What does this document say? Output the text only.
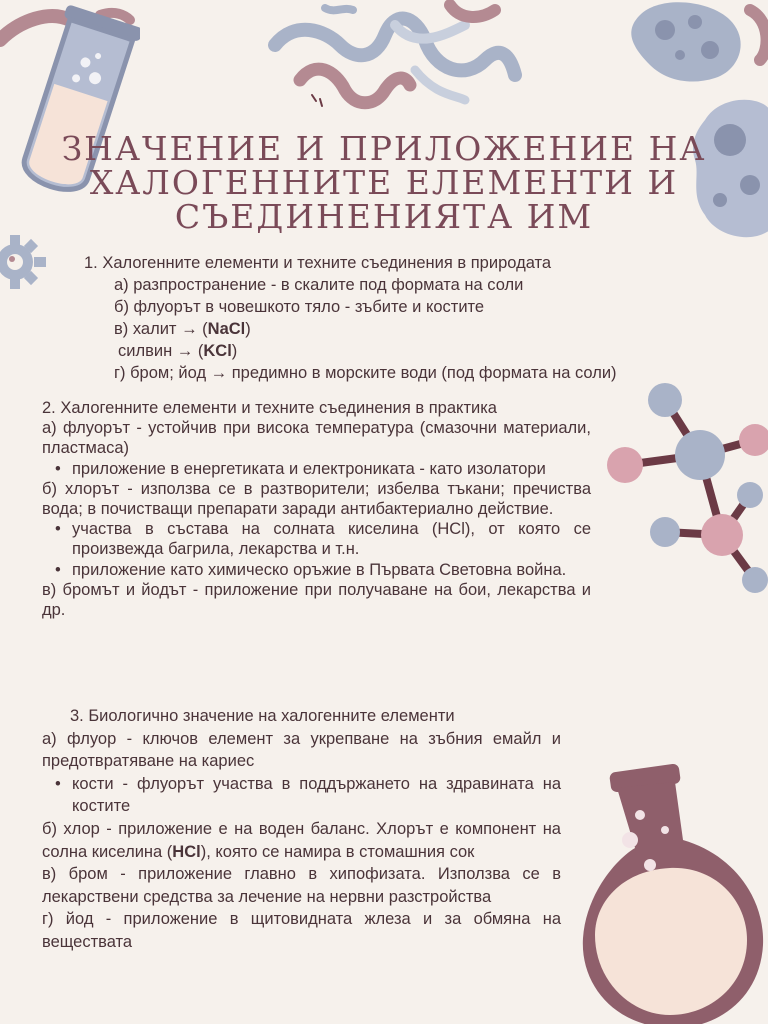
ЗНАЧЕНИЕ И ПРИЛОЖЕНИЕ НА
ХАЛОГЕННИТЕ ЕЛЕМЕНТИ И
СЪЕДИНЕНИЯТА ИМ
1. Халогенните елементи и техните съединения в природата
а) разпространение - в скалите под формата на соли
б) флуорът в човешкото тяло - зъбите и костите
в) халит → (NaCl)
силвин → (KCl)
г) бром; йод → предимно в морските води (под формата на соли)
2. Халогенните елементи и техните съединения в практика
а) флуорът - устойчив при висока температура (смазочни материали, пластмаса)
• приложение в енергетиката и електрониката - като изолатори
б) хлорът - използва се в разтворители; избелва тъкани; пречиства вода; в почистващи препарати заради антибактериално действие.
• участва в състава на солната киселина (HCl), от която се произвежда багрила, лекарства и т.н.
• приложение като химическо оръжие в Първата Световна война.
в) бромът и йодът - приложение при получаване на бои, лекарства и др.
3. Биологично значение на халогенните елементи
а) флуор - ключов елемент за укрепване на зъбния емайл и предотвратяване на кариес
• кости - флуорът участва в поддържането на здравината на костите
б) хлор - приложение е на воден баланс. Хлорът е компонент на солна киселина (HCl), която се намира в стомашния сок
в) бром - приложение главно в хипофизата. Използва се в лекарствени средства за лечение на нервни разстройства
г) йод - приложение в щитовидната жлеза и за обмяна на веществата
